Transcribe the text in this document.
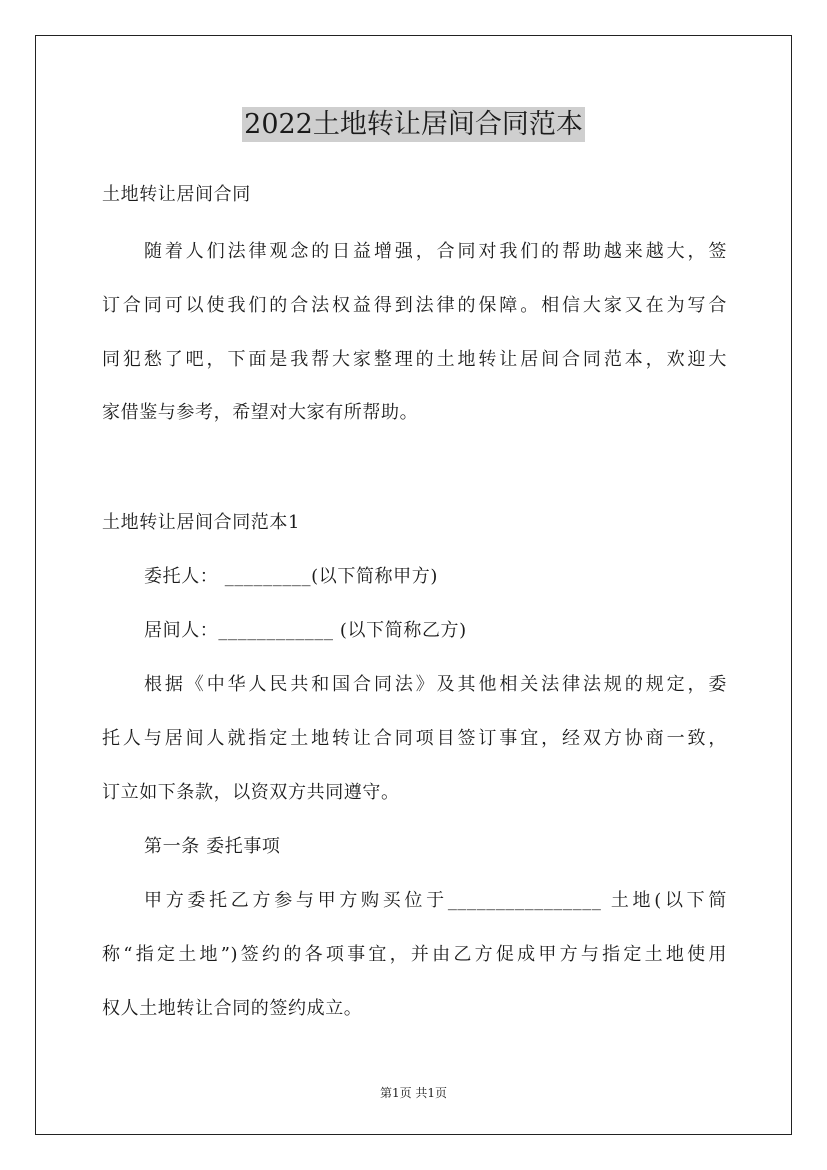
2022土地转让居间合同范本
土地转让居间合同
随着人们法律观念的日益增强，合同对我们的帮助越来越大，签
订合同可以使我们的合法权益得到法律的保障。相信大家又在为写合
同犯愁了吧，下面是我帮大家整理的土地转让居间合同范本，欢迎大
家借鉴与参考，希望对大家有所帮助。
土地转让居间合同范本1
委托人： _________(以下简称甲方)
居间人：____________ (以下简称乙方)
根据《中华人民共和国合同法》及其他相关法律法规的规定，委
托人与居间人就指定土地转让合同项目签订事宜，经双方协商一致，
订立如下条款，以资双方共同遵守。
第一条 委托事项
甲方委托乙方参与甲方购买位于________________ 土地(以下简
称“指定土地”)签约的各项事宜，并由乙方促成甲方与指定土地使用
权人土地转让合同的签约成立。
第1页 共1页
